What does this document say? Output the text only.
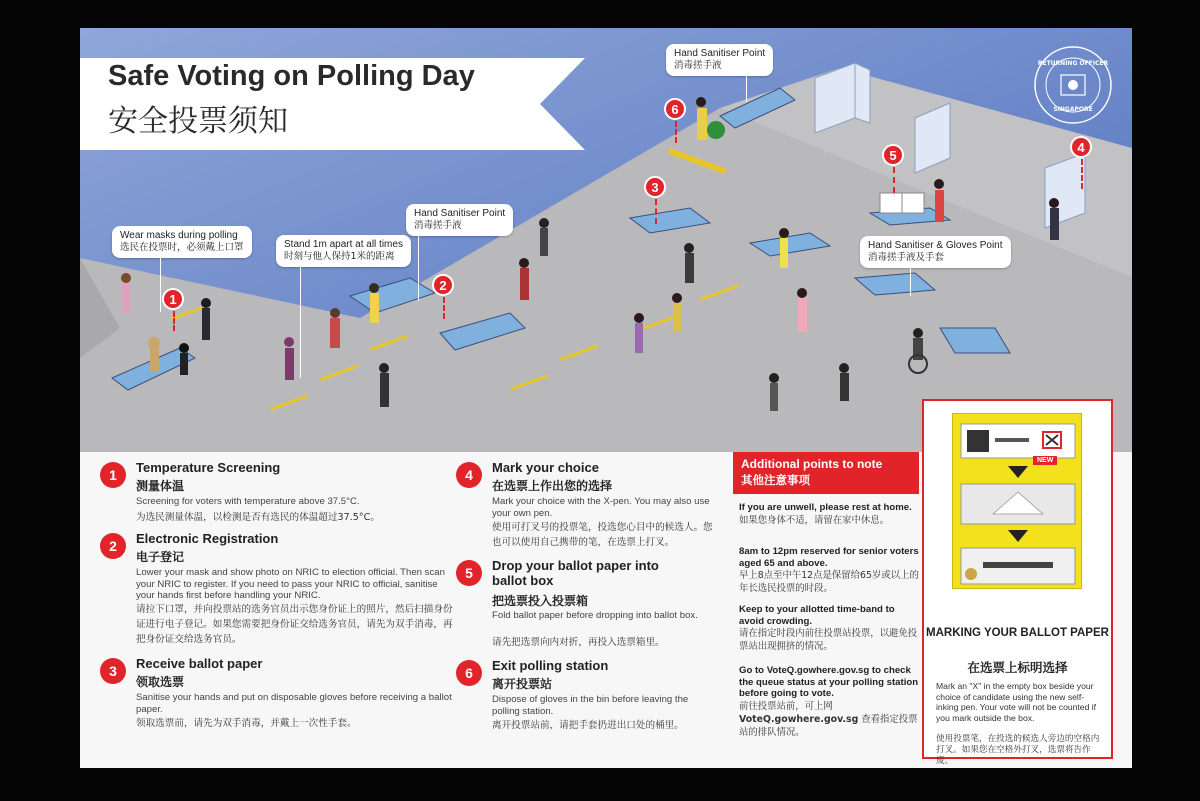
Safe Voting on Polling Day
安全投票须知
RETURNING OFFICER
SINGAPORE
Wear masks during polling
选民在投票时，必须戴上口罩	Stand 1m apart at all times
时刻与他人保持1米的距离
Hand Sanitiser Point
消毒搓手液
Hand Sanitiser Point
消毒搓手液
Hand Sanitiser & Gloves Point
消毒搓手液及手套
1
2
3
4
5
6
1	Temperature Screening
测量体温
Screening for voters with temperature above 37.5°C.
为选民测量体温，以检测是否有选民的体温超过37.5°C。
2	Electronic Registration
电子登记
Lower your mask and show photo on NRIC to election official. Then scan your NRIC to register. If you need to pass your NRIC to official, sanitise your hands first before handling your NRIC.
请拉下口罩，并向投票站的选务官员出示您身份证上的照片，然后扫描身份证进行电子登记。如果您需要把身份证交给选务官员，请先为双手消毒，再把身份证交给选务官员。
3	Receive ballot paper
领取选票
Sanitise your hands and put on disposable gloves before receiving a ballot paper.
领取选票前，请先为双手消毒，并戴上一次性手套。
4	Mark your choice
在选票上作出您的选择
Mark your choice with the X-pen. You may also use your own pen.
使用可打叉号的投票笔，投选您心目中的候选人。您也可以使用自己携带的笔，在选票上打叉。
5	Drop your ballot paper into ballot box
把选票投入投票箱
Fold ballot paper before dropping into ballot box.
请先把选票向内对折，再投入选票箱里。
6	Exit polling station
离开投票站
Dispose of gloves in the bin before leaving the polling station.
离开投票站前，请把手套扔进出口处的桶里。
Additional points to note
其他注意事项
If you are unwell, please rest at home.
如果您身体不适，请留在家中休息。
8am to 12pm reserved for senior voters aged 65 and above.
早上8点至中午12点是保留给65岁或以上的年长选民投票的时段。
Keep to your allotted time-band to avoid crowding.
请在指定时段内前往投票站投票，以避免投票站出现拥挤的情况。
Go to VoteQ.gowhere.gov.sg to check the queue status at your polling station before going to vote.
前往投票站前，可上网
VoteQ.gowhere.gov.sg 查看指定投票站的排队情况。
NEW
MARKING YOUR BALLOT PAPER
在选票上标明选择
Mark an "X" in the empty box beside your choice of candidate using the new self-inking pen. Your vote will not be counted if you mark outside the box.
使用投票笔，在投选的候选人旁边的空格内打叉。如果您在空格外打叉，选票将告作废。
